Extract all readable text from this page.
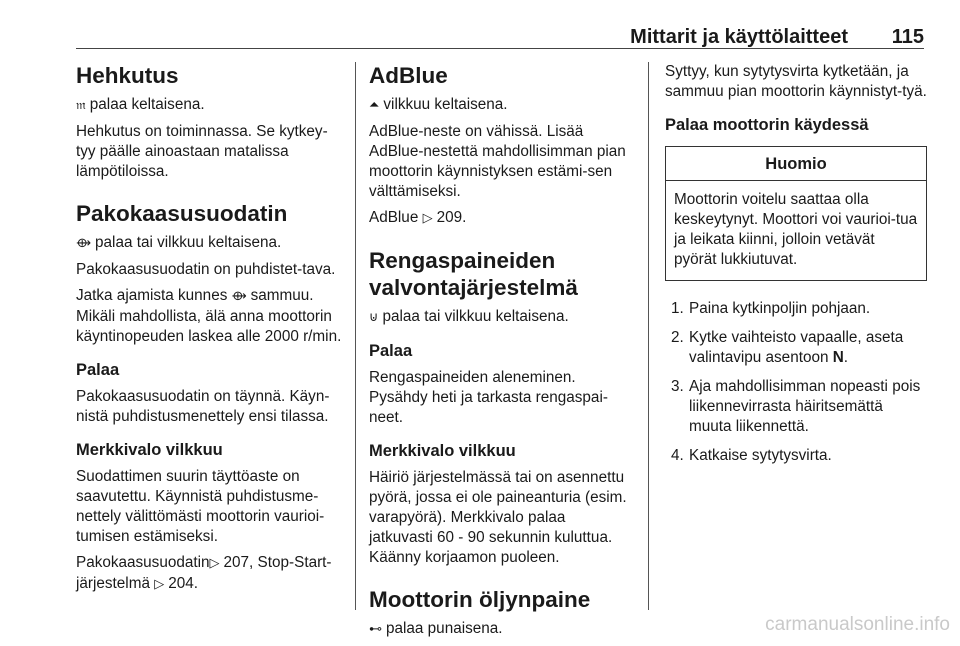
Mittarit ja käyttölaitteet 115
Hehkutus

𝔪 palaa keltaisena.

Hehkutus on toiminnassa. Se kytkey-tyy päälle ainoastaan matalissa lämpötiloissa.

Pakokaasusuodatin

⟴ palaa tai vilkkuu keltaisena.

Pakokaasusuodatin on puhdistet-tava.

Jatka ajamista kunnes ⟴ sammuu. Mikäli mahdollista, älä anna moottorin käyntinopeuden laskea alle 2000 r/min.

Palaa

Pakokaasusuodatin on täynnä. Käyn-nistä puhdistusmenettely ensi tilassa.

Merkkivalo vilkkuu

Suodattimen suurin täyttöaste on saavutettu. Käynnistä puhdistusme-nettely välittömästi moottorin vaurioi-tumisen estämiseksi.

Pakokaasusuodatin▷ 207, Stop-Start-järjestelmä ▷ 204.

AdBlue

⏶ vilkkuu keltaisena.

AdBlue-neste on vähissä. Lisää AdBlue-nestettä mahdollisimman pian moottorin käynnistyksen estämi-sen välttämiseksi.

AdBlue ▷ 209.

Rengaspaineiden valvontajärjestelmä

⊍ palaa tai vilkkuu keltaisena.

Palaa

Rengaspaineiden aleneminen. Pysähdy heti ja tarkasta rengaspai-neet.

Merkkivalo vilkkuu

Häiriö järjestelmässä tai on asennettu pyörä, jossa ei ole paineanturia (esim. varapyörä). Merkkivalo palaa jatkuvasti 60 - 90 sekunnin kuluttua. Käänny korjaamon puoleen.

Moottorin öljynpaine

⊷ palaa punaisena.

Syttyy, kun sytytysvirta kytketään, ja sammuu pian moottorin käynnistyt-tyä.

Palaa moottorin käydessä
Huomio
Moottorin voitelu saattaa olla keskeytynyt. Moottori voi vaurioi-tua ja leikata kiinni, jolloin vetävät pyörät lukkiutuvat.
1. Paina kytkinpoljin pohjaan.
2. Kytke vaihteisto vapaalle, aseta valintavipu asentoon N.
3. Aja mahdollisimman nopeasti pois liikennevirrasta häiritsemättä muuta liikennettä.
4. Katkaise sytytysvirta.
carmanualsonline.info
